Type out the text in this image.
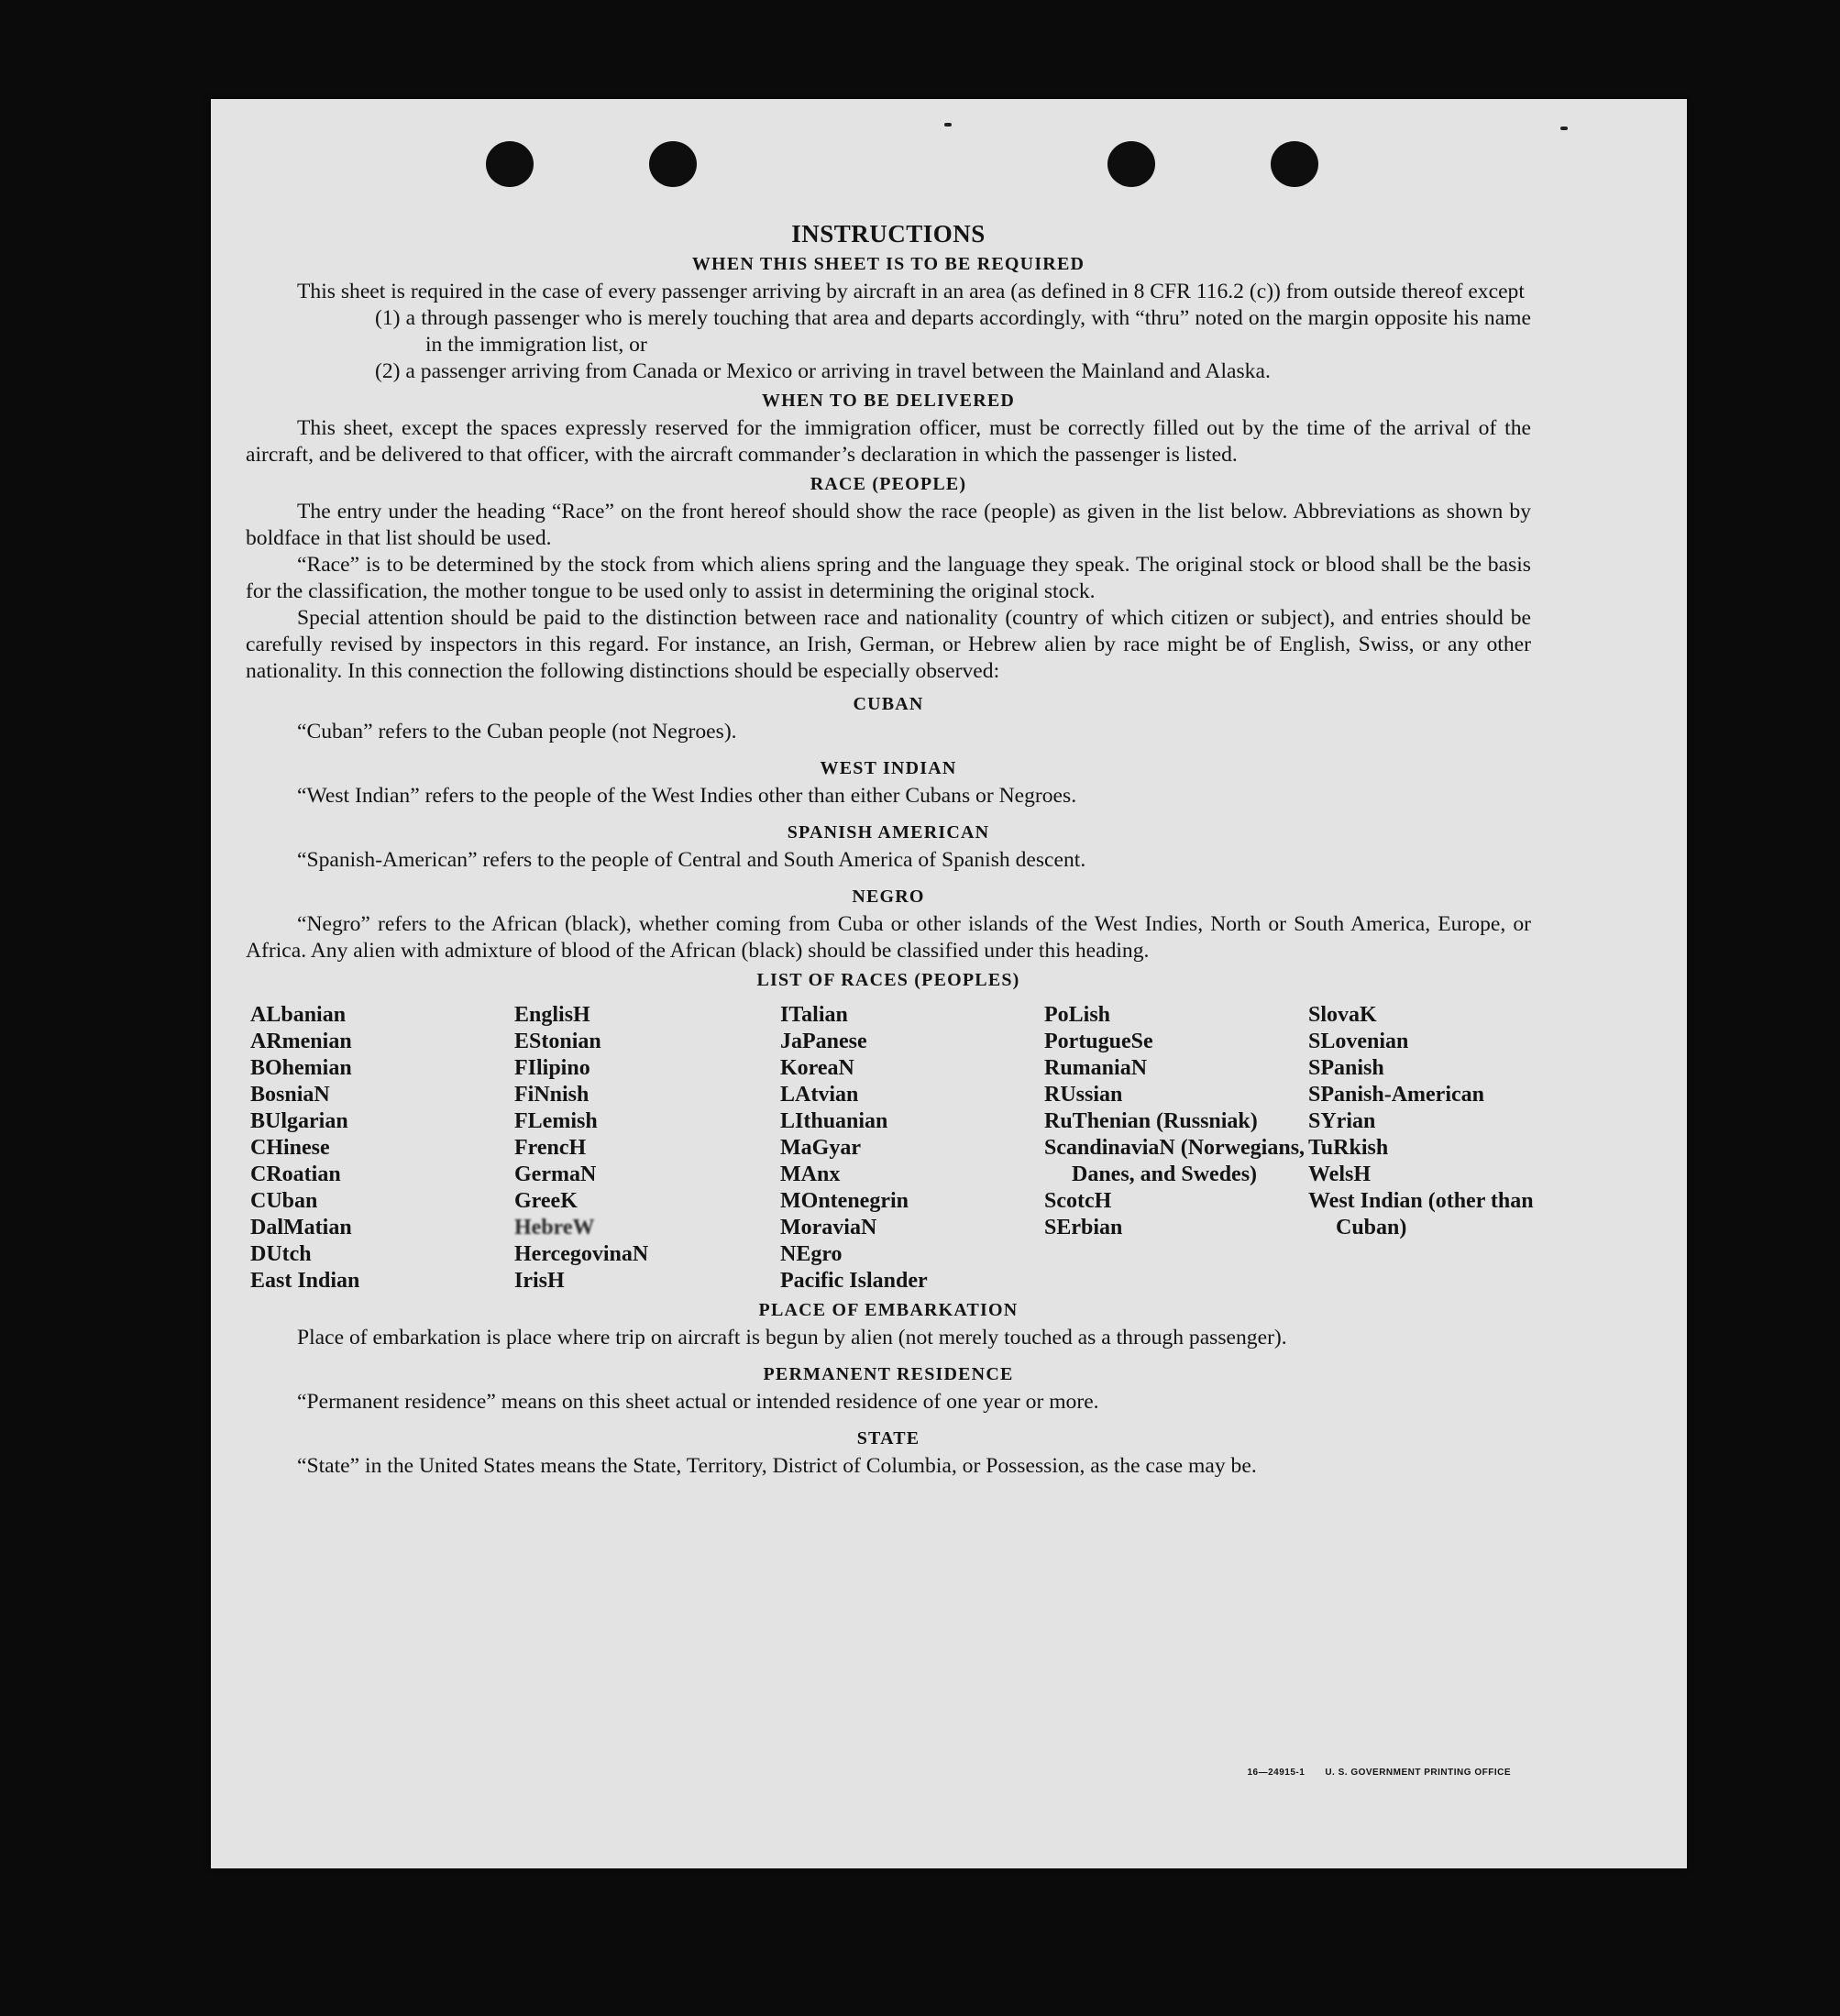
INSTRUCTIONS
WHEN THIS SHEET IS TO BE REQUIRED

This sheet is required in the case of every passenger arriving by aircraft in an area (as defined in 8 CFR 116.2 (c)) from outside thereof except

(1) a through passenger who is merely touching that area and departs accordingly, with “thru” noted on the margin opposite his name in the immigration list, or

(2) a passenger arriving from Canada or Mexico or arriving in travel between the Mainland and Alaska.

WHEN TO BE DELIVERED

This sheet, except the spaces expressly reserved for the immigration officer, must be correctly filled out by the time of the arrival of the aircraft, and be delivered to that officer, with the aircraft commander’s declaration in which the passenger is listed.

RACE (PEOPLE)

The entry under the heading “Race” on the front hereof should show the race (people) as given in the list below. Abbreviations as shown by boldface in that list should be used.

“Race” is to be determined by the stock from which aliens spring and the language they speak. The original stock or blood shall be the basis for the classification, the mother tongue to be used only to assist in determining the original stock.

Special attention should be paid to the distinction between race and nationality (country of which citizen or subject), and entries should be carefully revised by inspectors in this regard. For instance, an Irish, German, or Hebrew alien by race might be of English, Swiss, or any other nationality. In this connection the following distinctions should be especially observed:

CUBAN

“Cuban” refers to the Cuban people (not Negroes).

WEST INDIAN

“West Indian” refers to the people of the West Indies other than either Cubans or Negroes.

SPANISH AMERICAN

“Spanish-American” refers to the people of Central and South America of Spanish descent.

NEGRO

“Negro” refers to the African (black), whether coming from Cuba or other islands of the West Indies, North or South America, Europe, or Africa. Any alien with admixture of blood of the African (black) should be classified under this heading.

LIST OF RACES (PEOPLES)
ALbanian
ARmenian
BOhemian
BosniaN
BUlgarian
CHinese
CRoatian
CUban
DalMatian
DUtch
East Indian
EnglisH
EStonian
FIlipino
FiNnish
FLemish
FrencH
GermaN
GreeK
HebreW
HercegovinaN
IrisH
ITalian
JaPanese
KoreaN
LAtvian
LIthuanian
MaGyar
MAnx
MOntenegrin
MoraviaN
NEgro
Pacific Islander
PoLish
PortugueSe
RumaniaN
RUssian
RuThenian (Russniak)
ScandinaviaN (Norwegians, Danes, and Swedes)
ScotcH
SErbian
SlovaK
SLovenian
SPanish
SPanish-American
SYrian
TuRkish
WelsH
West Indian (other than Cuban)
PLACE OF EMBARKATION

Place of embarkation is place where trip on aircraft is begun by alien (not merely touched as a through passenger).

PERMANENT RESIDENCE

“Permanent residence” means on this sheet actual or intended residence of one year or more.

STATE

“State” in the United States means the State, Territory, District of Columbia, or Possession, as the case may be.

16—24915-1 U. S. GOVERNMENT PRINTING OFFICE
